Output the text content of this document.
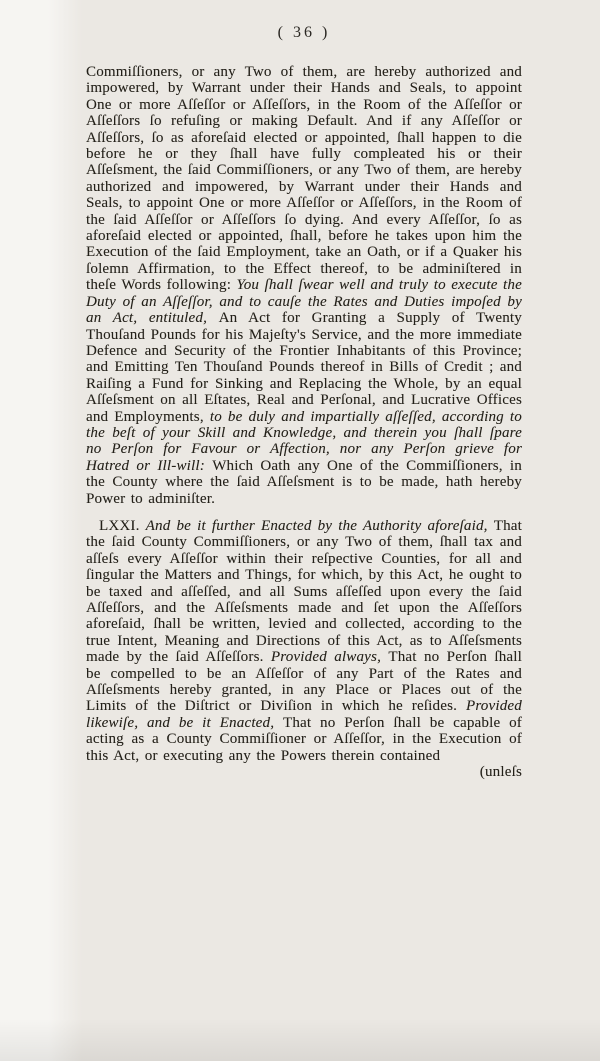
( 36 )

Commiſſioners, or any Two of them, are hereby authorized and impowered, by Warrant under their Hands and Seals, to appoint One or more Aſſeſſor or Aſſeſſors, in the Room of the Aſſeſſor or Aſſeſſors ſo refuſing or making Default. And if any Aſſeſſor or Aſſeſſors, ſo as aforeſaid elected or appointed, ſhall happen to die before he or they ſhall have fully compleated his or their Aſſeſsment, the ſaid Commiſſioners, or any Two of them, are hereby authorized and impowered, by Warrant under their Hands and Seals, to appoint One or more Aſſeſſor or Aſſeſſors, in the Room of the ſaid Aſſeſſor or Aſſeſſors ſo dying. And every Aſſeſſor, ſo as aforeſaid elected or appointed, ſhall, before he takes upon him the Execution of the ſaid Employment, take an Oath, or if a Quaker his ſolemn Affirmation, to the Effect thereof, to be adminiſtered in theſe Words following: You ſhall ſwear well and truly to execute the Duty of an Aſſeſſor, and to cauſe the Rates and Duties impoſed by an Act, entituled, An Act for Granting a Supply of Twenty Thouſand Pounds for his Majeſty's Service, and the more immediate Defence and Security of the Frontier Inhabitants of this Province; and Emitting Ten Thouſand Pounds thereof in Bills of Credit ; and Raiſing a Fund for Sinking and Replacing the Whole, by an equal Aſſeſsment on all Eſtates, Real and Perſonal, and Lucrative Offices and Employments, to be duly and impartially aſſeſſed, according to the beſt of your Skill and Knowledge, and therein you ſhall ſpare no Perſon for Favour or Affection, nor any Perſon grieve for Hatred or Ill-will: Which Oath any One of the Commiſſioners, in the County where the ſaid Aſſeſsment is to be made, hath hereby Power to adminiſter.

LXXI. And be it further Enacted by the Authority aforeſaid, That the ſaid County Commiſſioners, or any Two of them, ſhall tax and aſſeſs every Aſſeſſor within their reſpective Counties, for all and ſingular the Matters and Things, for which, by this Act, he ought to be taxed and aſſeſſed, and all Sums aſſeſſed upon every the ſaid Aſſeſſors, and the Aſſeſsments made and ſet upon the Aſſeſſors aforeſaid, ſhall be written, levied and collected, according to the true Intent, Meaning and Directions of this Act, as to Aſſeſsments made by the ſaid Aſſeſſors. Provided always, That no Perſon ſhall be compelled to be an Aſſeſſor of any Part of the Rates and Aſſeſsments hereby granted, in any Place or Places out of the Limits of the Diſtrict or Diviſion in which he reſides. Provided likewiſe, and be it Enacted, That no Perſon ſhall be capable of acting as a County Commiſſioner or Aſſeſſor, in the Execution of this Act, or executing any the Powers therein contained

(unleſs
